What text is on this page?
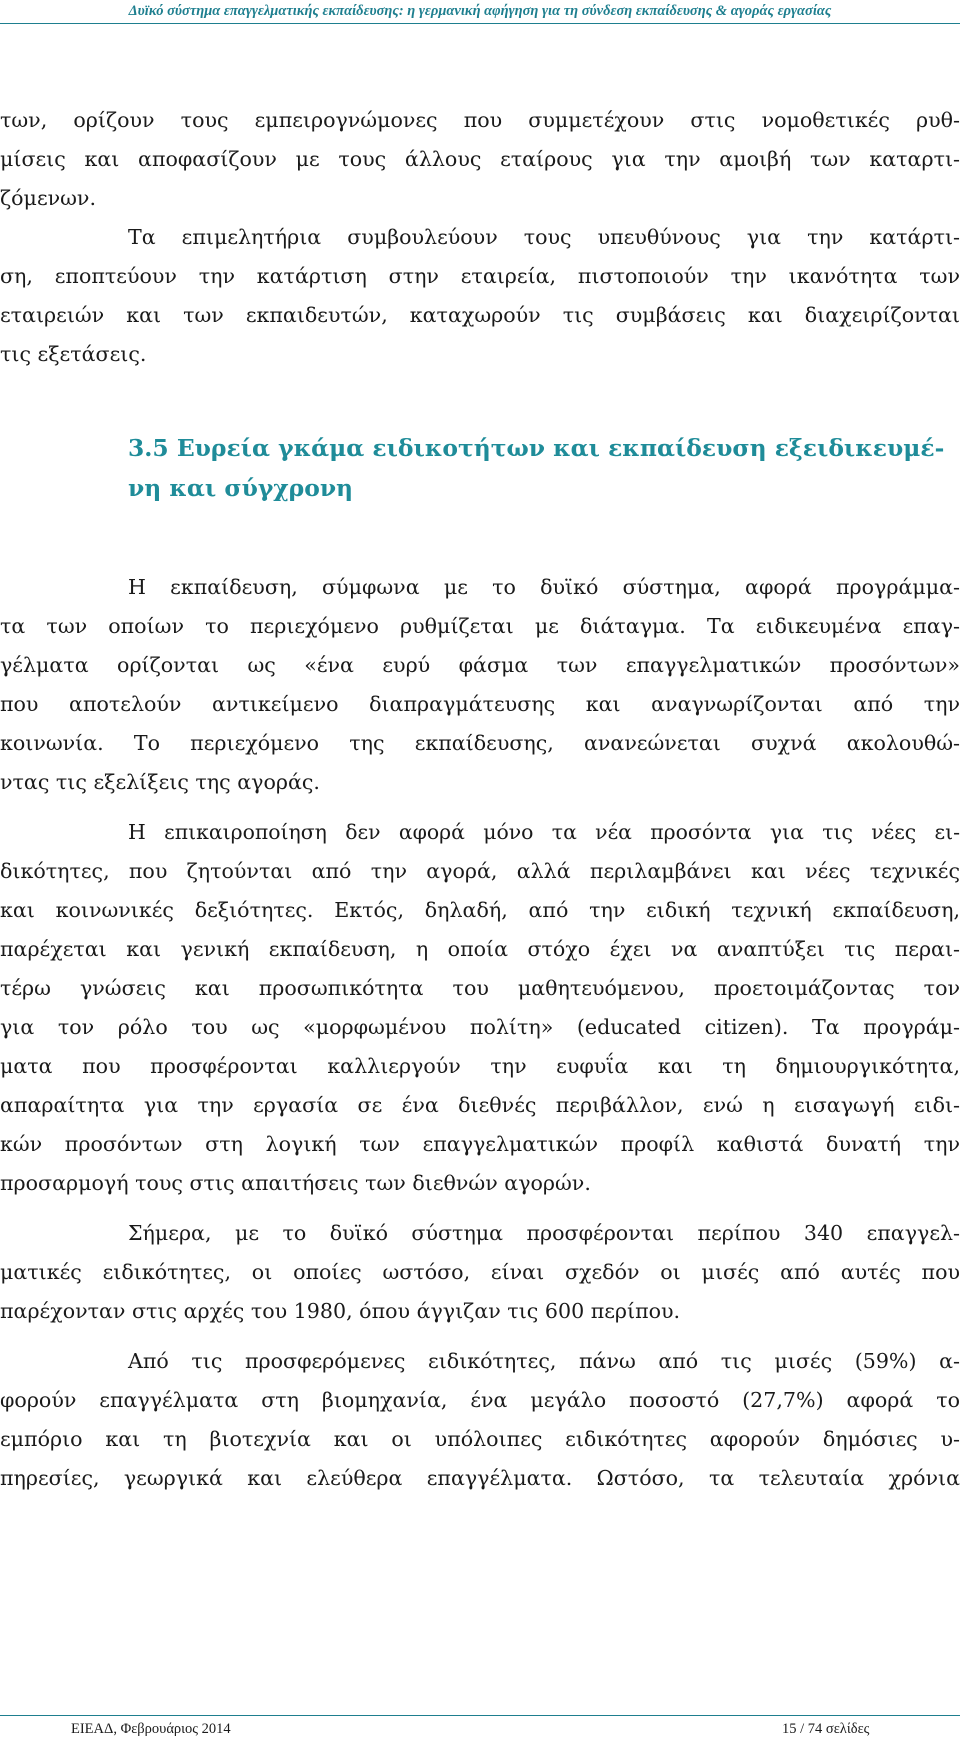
Δυϊκό σύστημα επαγγελματικής εκπαίδευσης: η γερμανική αφήγηση για τη σύνδεση εκπαίδευσης & αγοράς εργασίας

των, ορίζουν τους εμπειρογνώμονες που συμμετέχουν στις νομοθετικές ρυθ-
μίσεις και αποφασίζουν με τους άλλους εταίρους για την αμοιβή των καταρτι-
ζόμενων.

Τα επιμελητήρια συμβουλεύουν τους υπευθύνους για την κατάρτι-
ση, εποπτεύουν την κατάρτιση στην εταιρεία, πιστοποιούν την ικανότητα των
εταιρειών και των εκπαιδευτών, καταχωρούν τις συμβάσεις και διαχειρίζονται
τις εξετάσεις.

3.5 Ευρεία γκάμα ειδικοτήτων και εκπαίδευση εξειδικευμέ-
νη και σύγχρονη

Η εκπαίδευση, σύμφωνα με το δυϊκό σύστημα, αφορά προγράμμα-
τα των οποίων το περιεχόμενο ρυθμίζεται με διάταγμα. Τα ειδικευμένα επαγ-
γέλματα ορίζονται ως «ένα ευρύ φάσμα των επαγγελματικών προσόντων»
που αποτελούν αντικείμενο διαπραγμάτευσης και αναγνωρίζονται από την
κοινωνία. Το περιεχόμενο της εκπαίδευσης, ανανεώνεται συχνά ακολουθώ-
ντας τις εξελίξεις της αγοράς.

Η επικαιροποίηση δεν αφορά μόνο τα νέα προσόντα για τις νέες ει-
δικότητες, που ζητούνται από την αγορά, αλλά περιλαμβάνει και νέες τεχνικές
και κοινωνικές δεξιότητες. Εκτός, δηλαδή, από την ειδική τεχνική εκπαίδευση,
παρέχεται και γενική εκπαίδευση, η οποία στόχο έχει να αναπτύξει τις περαι-
τέρω γνώσεις και προσωπικότητα του μαθητευόμενου, προετοιμάζοντας τον
για τον ρόλο του ως «μορφωμένου πολίτη» (educated citizen). Τα προγράμ-
ματα που προσφέρονται καλλιεργούν την ευφυΐα και τη δημιουργικότητα,
απαραίτητα για την εργασία σε ένα διεθνές περιβάλλον, ενώ η εισαγωγή ειδι-
κών προσόντων στη λογική των επαγγελματικών προφίλ καθιστά δυνατή την
προσαρμογή τους στις απαιτήσεις των διεθνών αγορών.

Σήμερα, με το δυϊκό σύστημα προσφέρονται περίπου 340 επαγγελ-
ματικές ειδικότητες, οι οποίες ωστόσο, είναι σχεδόν οι μισές από αυτές που
παρέχονταν στις αρχές του 1980, όπου άγγιζαν τις 600 περίπου.

Από τις προσφερόμενες ειδικότητες, πάνω από τις μισές (59%) α-
φορούν επαγγέλματα στη βιομηχανία, ένα μεγάλο ποσοστό (27,7%) αφορά το
εμπόριο και τη βιοτεχνία και οι υπόλοιπες ειδικότητες αφορούν δημόσιες υ-
πηρεσίες, γεωργικά και ελεύθερα επαγγέλματα. Ωστόσο, τα τελευταία χρόνια

ΕΙΕΑΔ, Φεβρουάριος 2014	15 / 74 σελίδες
